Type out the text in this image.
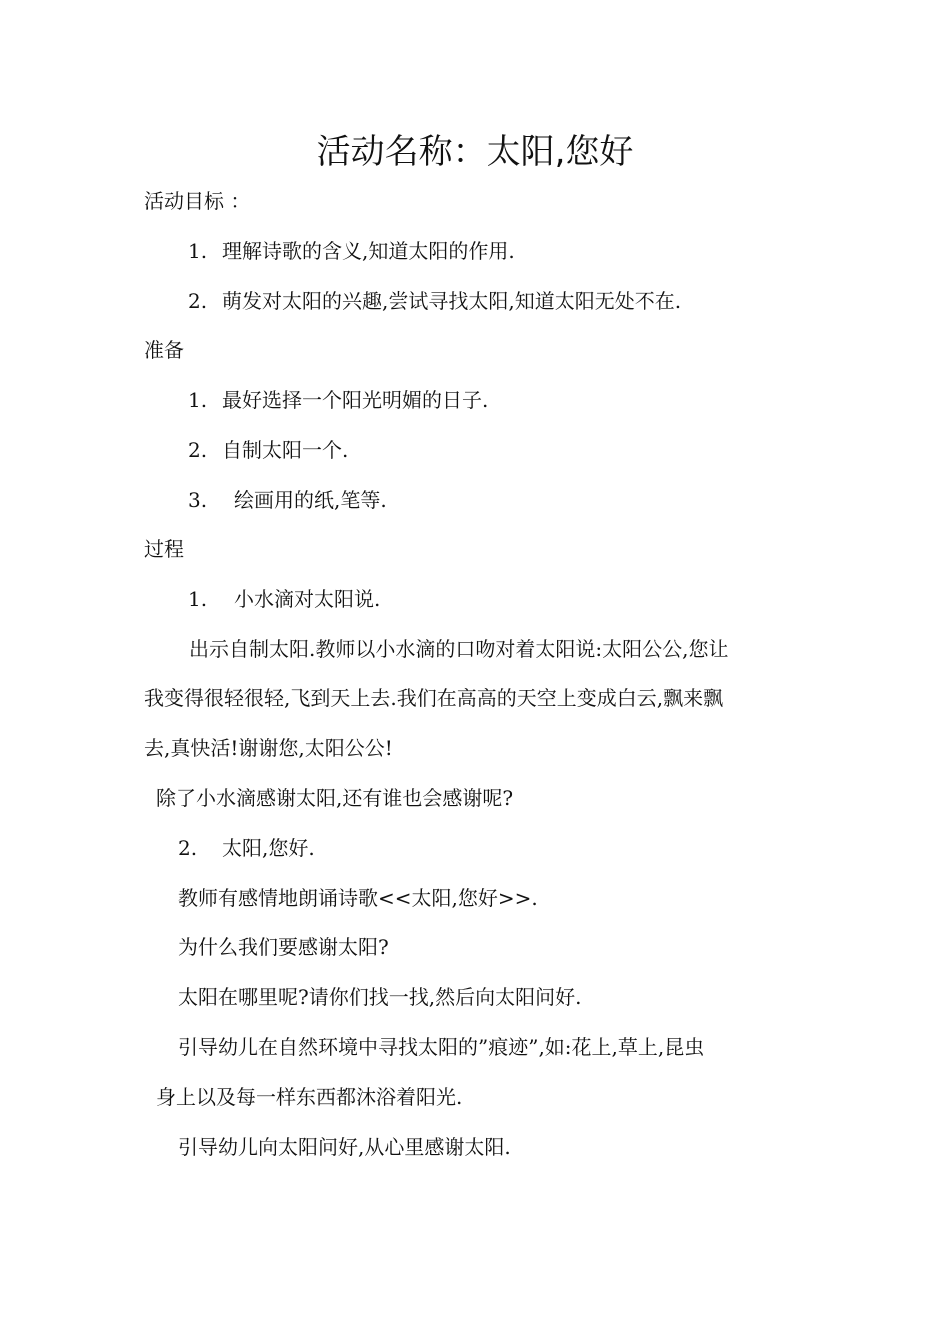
活动名称：太阳,您好
活动目标 ：
1. 理解诗歌的含义,知道太阳的作用.
2. 萌发对太阳的兴趣,尝试寻找太阳,知道太阳无处不在.
准备
1. 最好选择一个阳光明媚的日子.
2. 自制太阳一个.
3. 绘画用的纸,笔等.
过程
1. 小水滴对太阳说.
出示自制太阳.教师以小水滴的口吻对着太阳说:太阳公公,您让
我变得很轻很轻,飞到天上去.我们在高高的天空上变成白云,飘来飘
去,真快活!谢谢您,太阳公公!
除了小水滴感谢太阳,还有谁也会感谢呢?
2. 太阳,您好.
教师有感情地朗诵诗歌<<太阳,您好>>.
为什么我们要感谢太阳?
太阳在哪里呢?请你们找一找,然后向太阳问好.
引导幼儿在自然环境中寻找太阳的”痕迹”,如:花上,草上,昆虫
身上以及每一样东西都沐浴着阳光.
引导幼儿向太阳问好,从心里感谢太阳.
